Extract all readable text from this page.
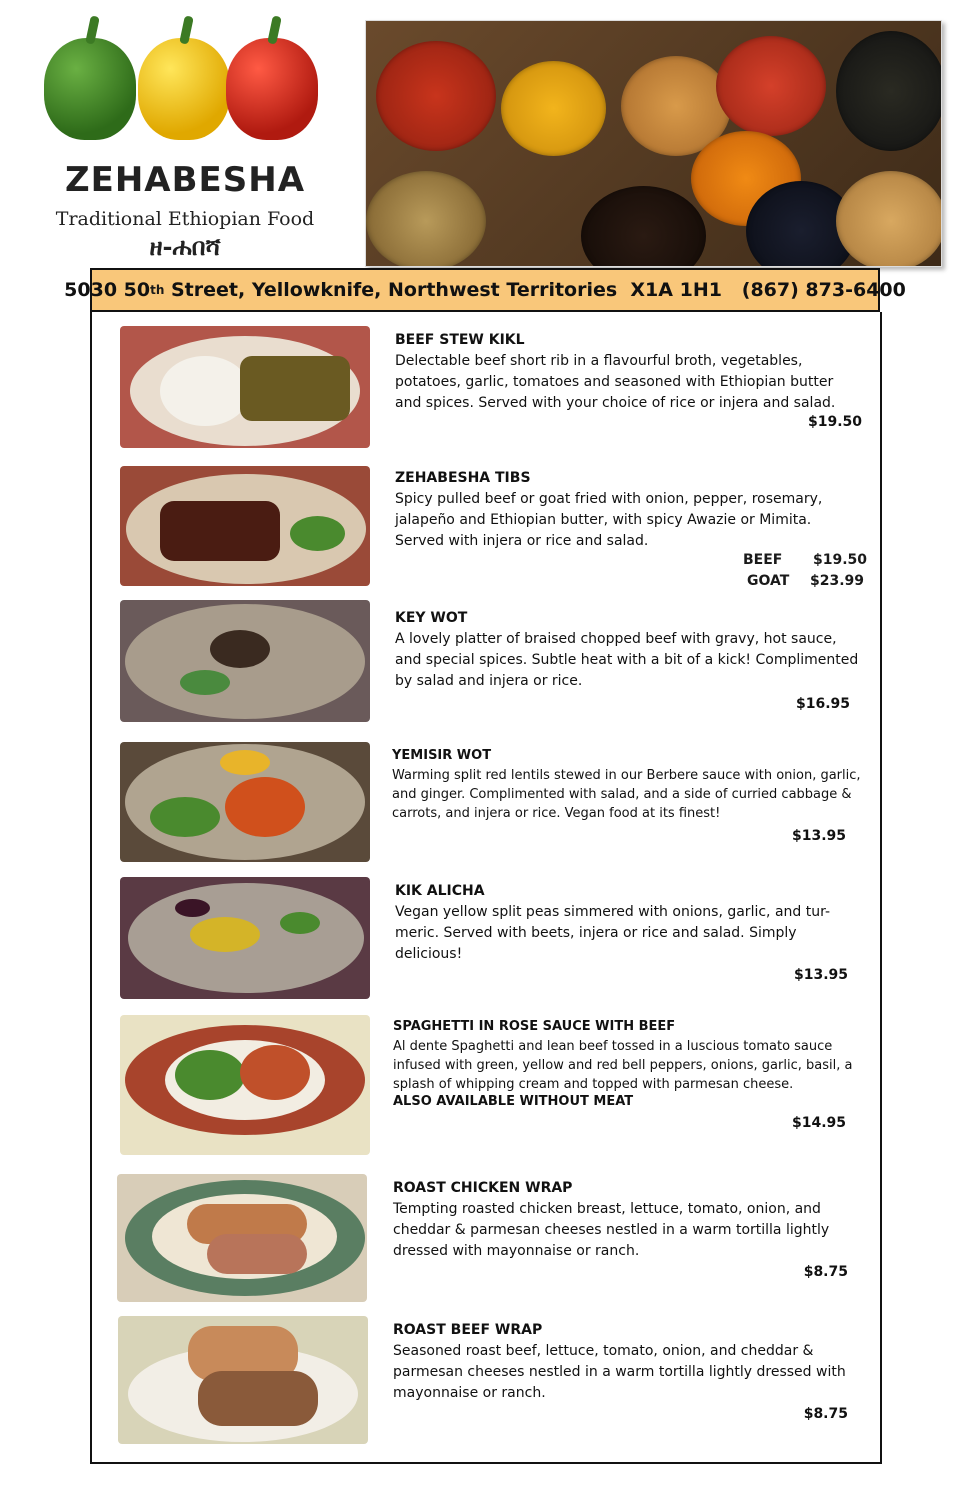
ZEHABESHA
Traditional Ethiopian Food
ዘ-ሐበሻ
5030 50 th Street, Yellowknife, Northwest Territories  X1A 1H1   (867) 873-6400
BEEF STEW KIKL
Delectable beef short rib in a flavourful broth, vegetables, potatoes, garlic, tomatoes and seasoned with Ethiopian butter and spices. Served with your choice of rice or injera and salad.
$19.50
ZEHABESHA TIBS
Spicy pulled beef or goat fried with onion, pepper, rosemary, jalapeño and Ethiopian butter, with spicy Awazie or Mimita. Served with injera or rice and salad.
BEEF $19.50
GOAT $23.99
KEY WOT
A lovely platter of braised chopped beef with gravy, hot sauce, and special spices. Subtle heat with a bit of a kick! Complimented by salad and injera or rice.
$16.95
YEMISIR WOT
Warming split red lentils stewed in our Berbere sauce with onion, garlic, and ginger. Complimented with salad, and a side of curried cabbage & carrots, and injera or rice. Vegan food at its finest!
$13.95
KIK ALICHA
Vegan yellow split peas simmered with onions, garlic, and tur-meric. Served with beets, injera or rice and salad. Simply delicious!
$13.95
SPAGHETTI IN ROSE SAUCE WITH BEEF
Al dente Spaghetti and lean beef tossed in a luscious tomato sauce infused with green, yellow and red bell peppers, onions, garlic, basil, a splash of whipping cream and topped with parmesan cheese.
ALSO AVAILABLE WITHOUT MEAT
$14.95
ROAST CHICKEN WRAP
Tempting roasted chicken breast, lettuce, tomato, onion, and cheddar & parmesan cheeses nestled in a warm tortilla lightly dressed with mayonnaise or ranch.
$8.75
ROAST BEEF WRAP
Seasoned roast beef, lettuce, tomato, onion, and cheddar & parmesan cheeses nestled in a warm tortilla lightly dressed with mayonnaise or ranch.
$8.75
